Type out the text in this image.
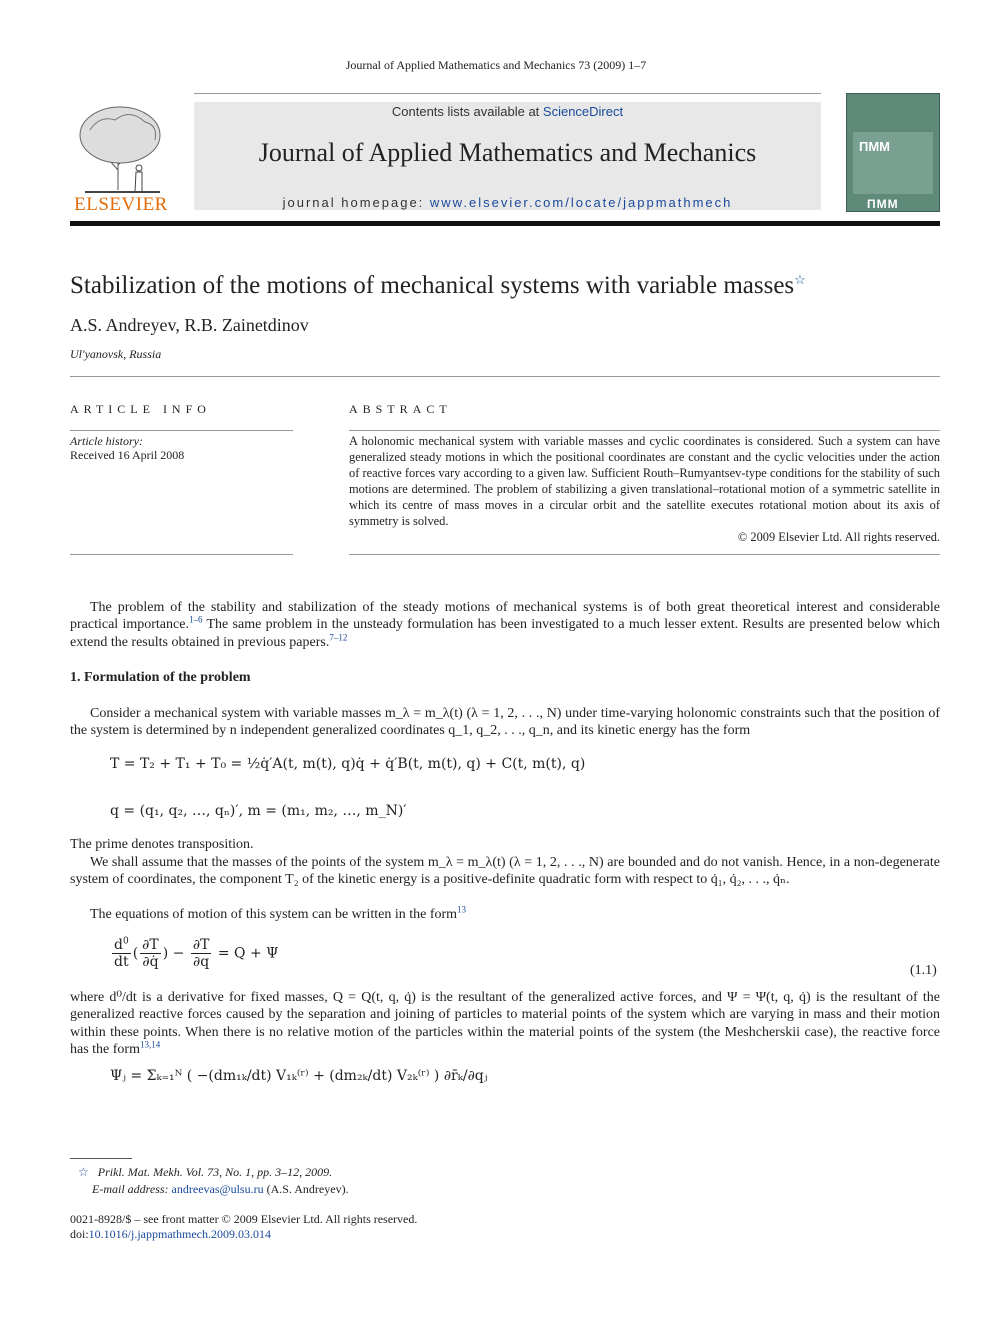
Journal of Applied Mathematics and Mechanics 73 (2009) 1–7
ELSEVIER
Contents lists available at ScienceDirect
Journal of Applied Mathematics and Mechanics
journal homepage: www.elsevier.com/locate/jappmathmech
ПMM
ПMM
Stabilization of the motions of mechanical systems with variable masses☆
A.S. Andreyev, R.B. Zainetdinov
Ul'yanovsk, Russia
ARTICLE INFO
Article history:
Received 16 April 2008
ABSTRACT
A holonomic mechanical system with variable masses and cyclic coordinates is considered. Such a system can have generalized steady motions in which the positional coordinates are constant and the cyclic velocities under the action of reactive forces vary according to a given law. Sufficient Routh–Rumyantsev-type conditions for the stability of such motions are determined. The problem of stabilizing a given translational–rotational motion of a symmetric satellite in which its centre of mass moves in a circular orbit and the satellite executes rotational motion about its axis of symmetry is solved.
© 2009 Elsevier Ltd. All rights reserved.
The problem of the stability and stabilization of the steady motions of mechanical systems is of both great theoretical interest and considerable practical importance.$^{1-6}$ The same problem in the unsteady formulation has been investigated to a much lesser extent. Results are presented below which extend the results obtained in previous papers.$^{7-12}$
1. Formulation of the problem
Consider a mechanical system with variable masses m_λ = m_λ(t) (λ = 1, 2, . . ., N) under time-varying holonomic constraints such that the position of the system is determined by n independent generalized coordinates q_1, q_2, . . ., q_n, and its kinetic energy has the form
T = T₂ + T₁ + T₀ = ½q̇′A(t, m(t), q)q̇ + q̇′B(t, m(t), q) + C(t, m(t), q)
q = (q₁, q₂, …, qₙ)′, m = (m₁, m₂, …, m_N)′
The prime denotes transposition.
We shall assume that the masses of the points of the system m_λ = m_λ(t) (λ = 1, 2, . . ., N) are bounded and do not vanish. Hence, in a non-degenerate system of coordinates, the component T₂ of the kinetic energy is a positive-definite quadratic form with respect to q̇₁, q̇₂, . . ., q̇ₙ.
The equations of motion of this system can be written in the form$^{13}$
$\frac{d^0}{dt}$ ( $\frac{\partial T}{\partial q̇}$ ) − $\frac{\partial T}{\partial q} = Q + \Psi$
(1.1)
where d⁰/dt is a derivative for fixed masses, Q = Q(t, q, q̇) is the resultant of the generalized active forces, and Ψ = Ψ(t, q, q̇) is the resultant of the generalized reactive forces caused by the separation and joining of particles to material points of the system which are varying in mass and their motion within these points. When there is no relative motion of the particles within the material points of the system (the Meshcherskii case), the reactive force has the form$^{13,14}$
Ψⱼ = Σₖ₌₁ᴺ ( −(dm₁ₖ/dt) V₁ₖ⁽ʳ⁾ + (dm₂ₖ/dt) V₂ₖ⁽ʳ⁾ ) ∂r̄ₖ/∂qⱼ
☆ Prikl. Mat. Mekh. Vol. 73, No. 1, pp. 3–12, 2009.
E-mail address: andreevas@ulsu.ru (A.S. Andreyev).
0021-8928/$ – see front matter © 2009 Elsevier Ltd. All rights reserved.
doi:10.1016/j.jappmathmech.2009.03.014
